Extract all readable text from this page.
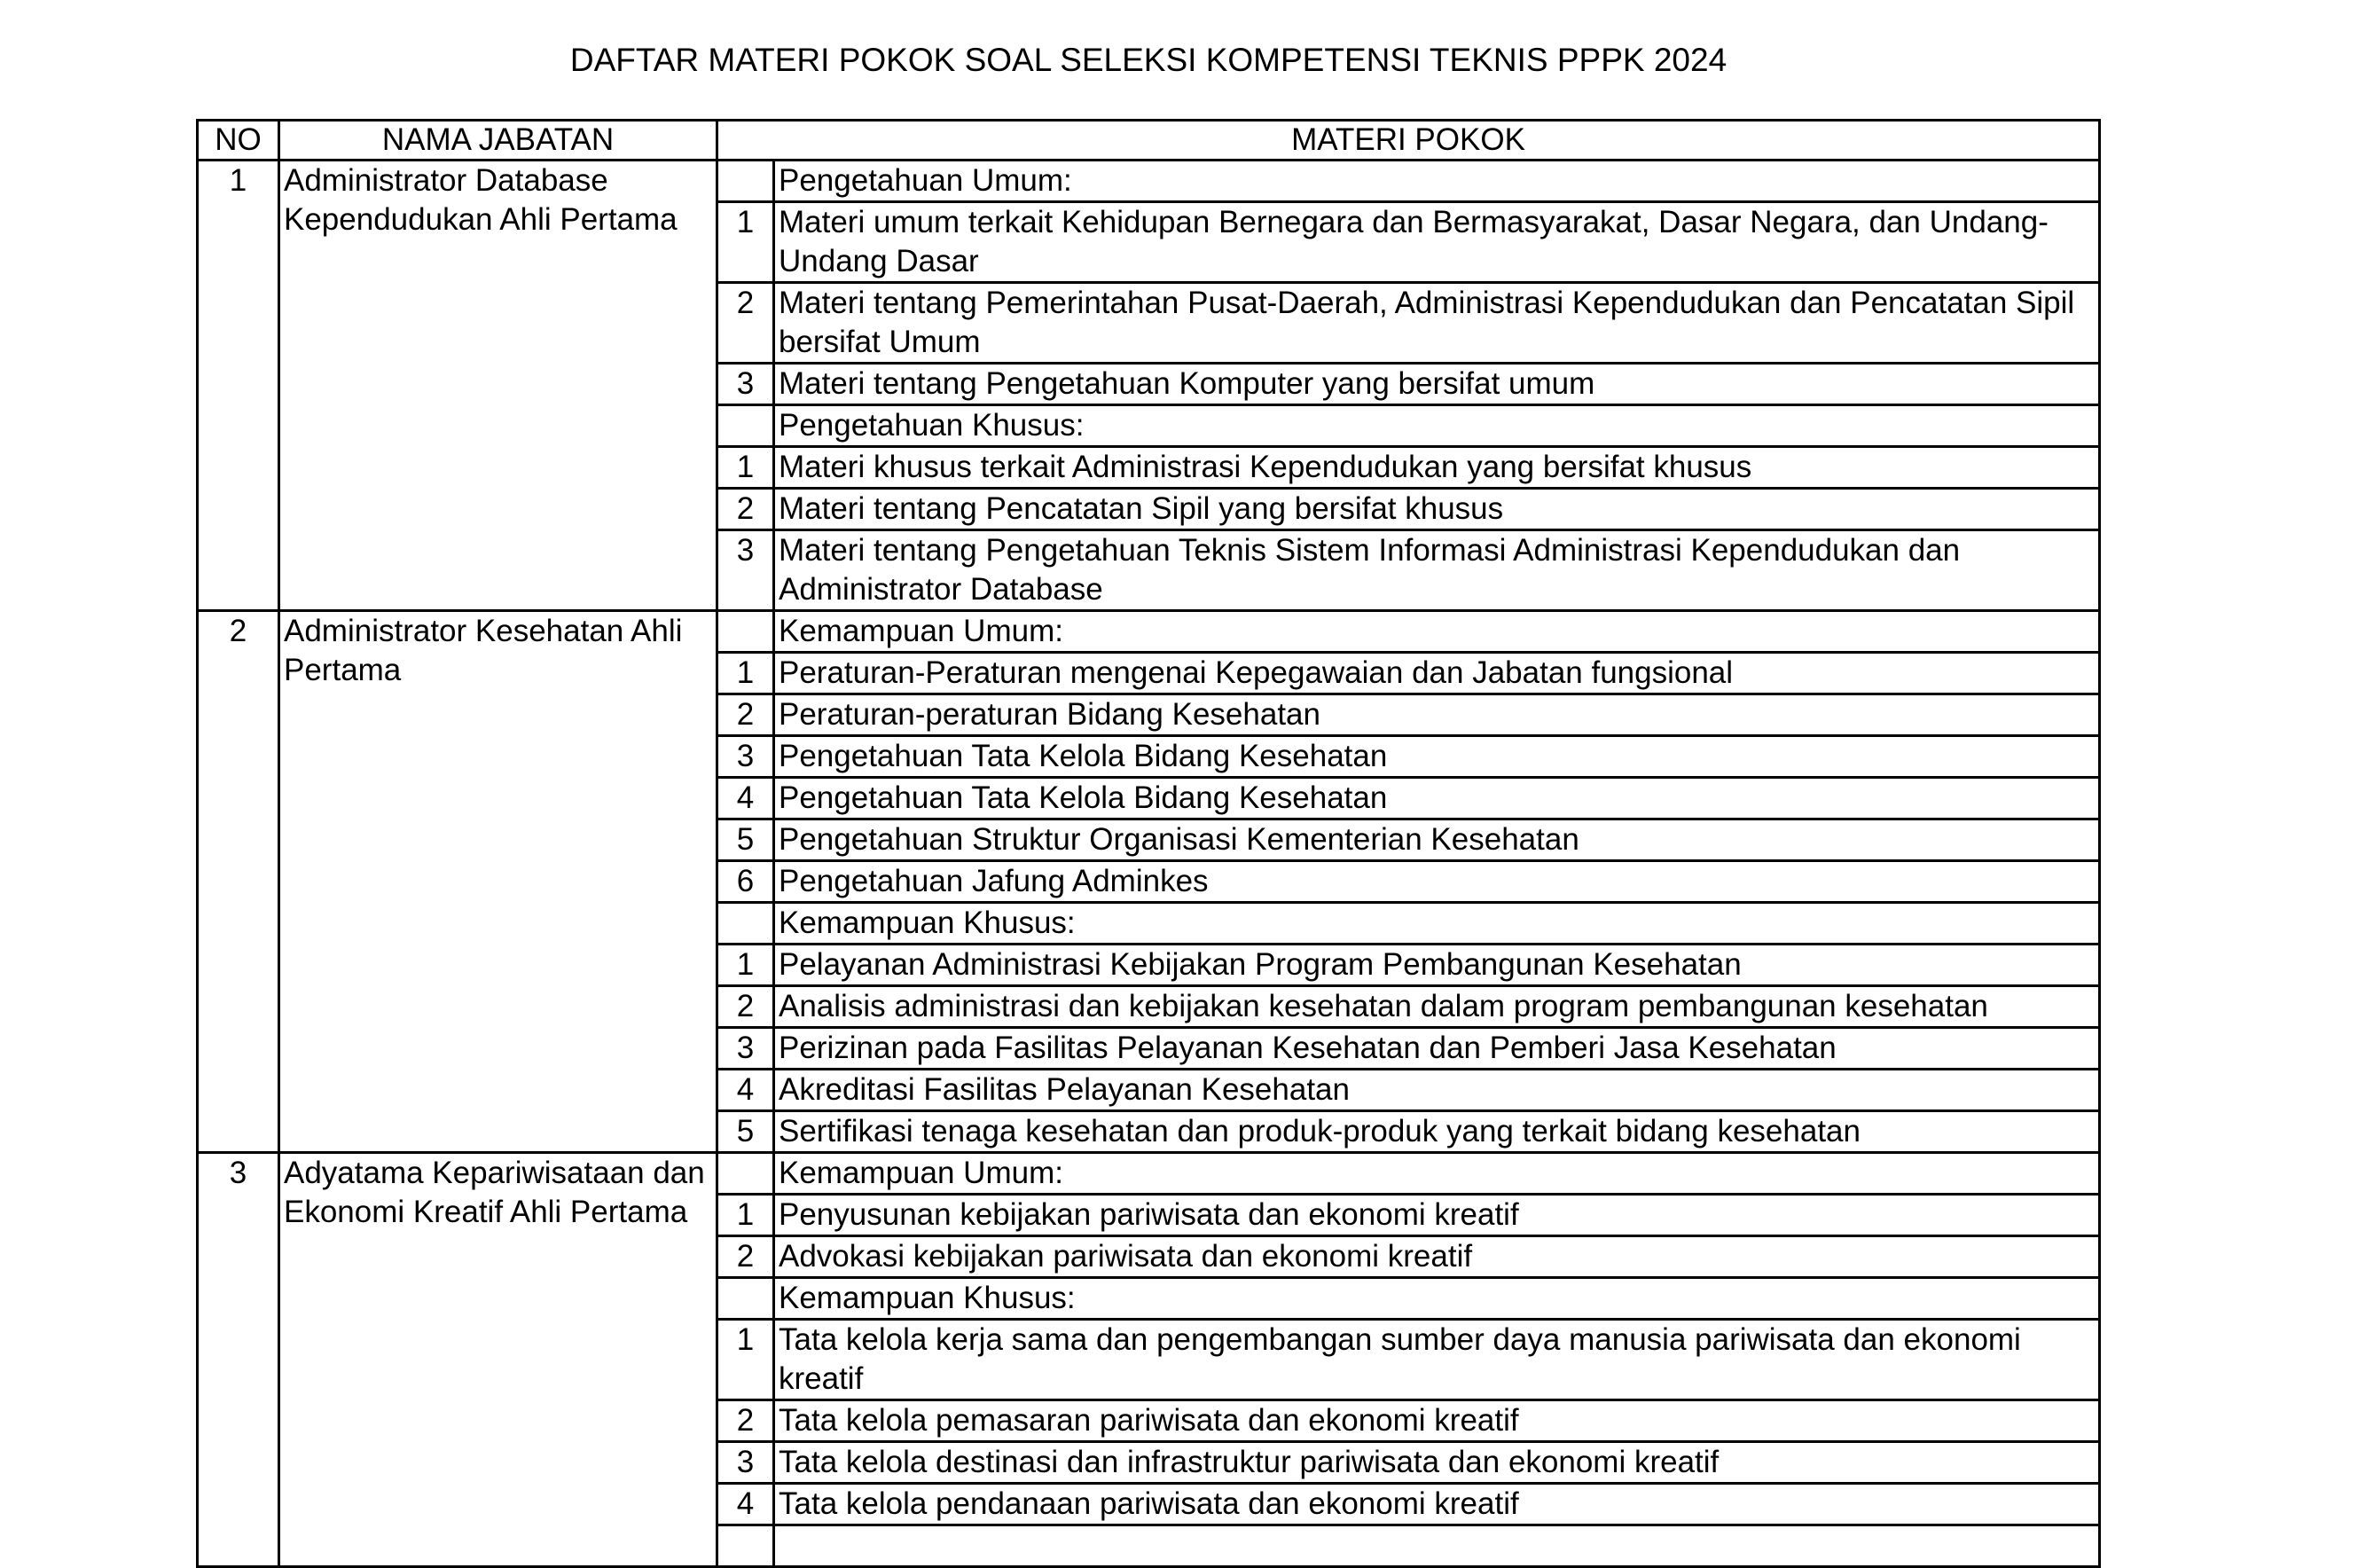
DAFTAR MATERI POKOK SOAL SELEKSI KOMPETENSI TEKNIS PPPK 2024
NO	NAMA JABATAN	MATERI POKOK	
1	Administrator Database Kependudukan Ahli Pertama		Pengetahuan Umum:
		1	Materi umum terkait Kehidupan Bernegara dan Bermasyarakat, Dasar Negara, dan Undang-Undang Dasar
		2	Materi tentang Pemerintahan Pusat-Daerah, Administrasi Kependudukan dan Pencatatan Sipil bersifat Umum
		3	Materi tentang Pengetahuan Komputer yang bersifat umum
			Pengetahuan Khusus:
		1	Materi khusus terkait Administrasi Kependudukan yang bersifat khusus
		2	Materi tentang Pencatatan Sipil yang bersifat khusus
		3	Materi tentang Pengetahuan Teknis Sistem Informasi Administrasi Kependudukan dan Administrator Database
2	Administrator Kesehatan Ahli Pertama		Kemampuan Umum:
		1	Peraturan-Peraturan mengenai Kepegawaian dan Jabatan fungsional
		2	Peraturan-peraturan Bidang Kesehatan
		3	Pengetahuan Tata Kelola Bidang Kesehatan
		4	Pengetahuan Tata Kelola Bidang Kesehatan
		5	Pengetahuan Struktur Organisasi Kementerian Kesehatan
		6	Pengetahuan Jafung Adminkes
			Kemampuan Khusus:
		1	Pelayanan Administrasi Kebijakan Program Pembangunan Kesehatan
		2	Analisis administrasi dan kebijakan kesehatan dalam program pembangunan kesehatan
		3	Perizinan pada Fasilitas Pelayanan Kesehatan dan Pemberi Jasa Kesehatan
		4	Akreditasi Fasilitas Pelayanan Kesehatan
		5	Sertifikasi tenaga kesehatan dan produk-produk yang terkait bidang kesehatan
3	Adyatama Kepariwisataan dan Ekonomi Kreatif Ahli Pertama		Kemampuan Umum:
		1	Penyusunan kebijakan pariwisata dan ekonomi kreatif
		2	Advokasi kebijakan pariwisata dan ekonomi kreatif
			Kemampuan Khusus:
		1	Tata kelola kerja sama dan pengembangan sumber daya manusia pariwisata dan ekonomi kreatif
		2	Tata kelola pemasaran pariwisata dan ekonomi kreatif
		3	Tata kelola destinasi dan infrastruktur pariwisata dan ekonomi kreatif
		4	Tata kelola pendanaan pariwisata dan ekonomi kreatif
